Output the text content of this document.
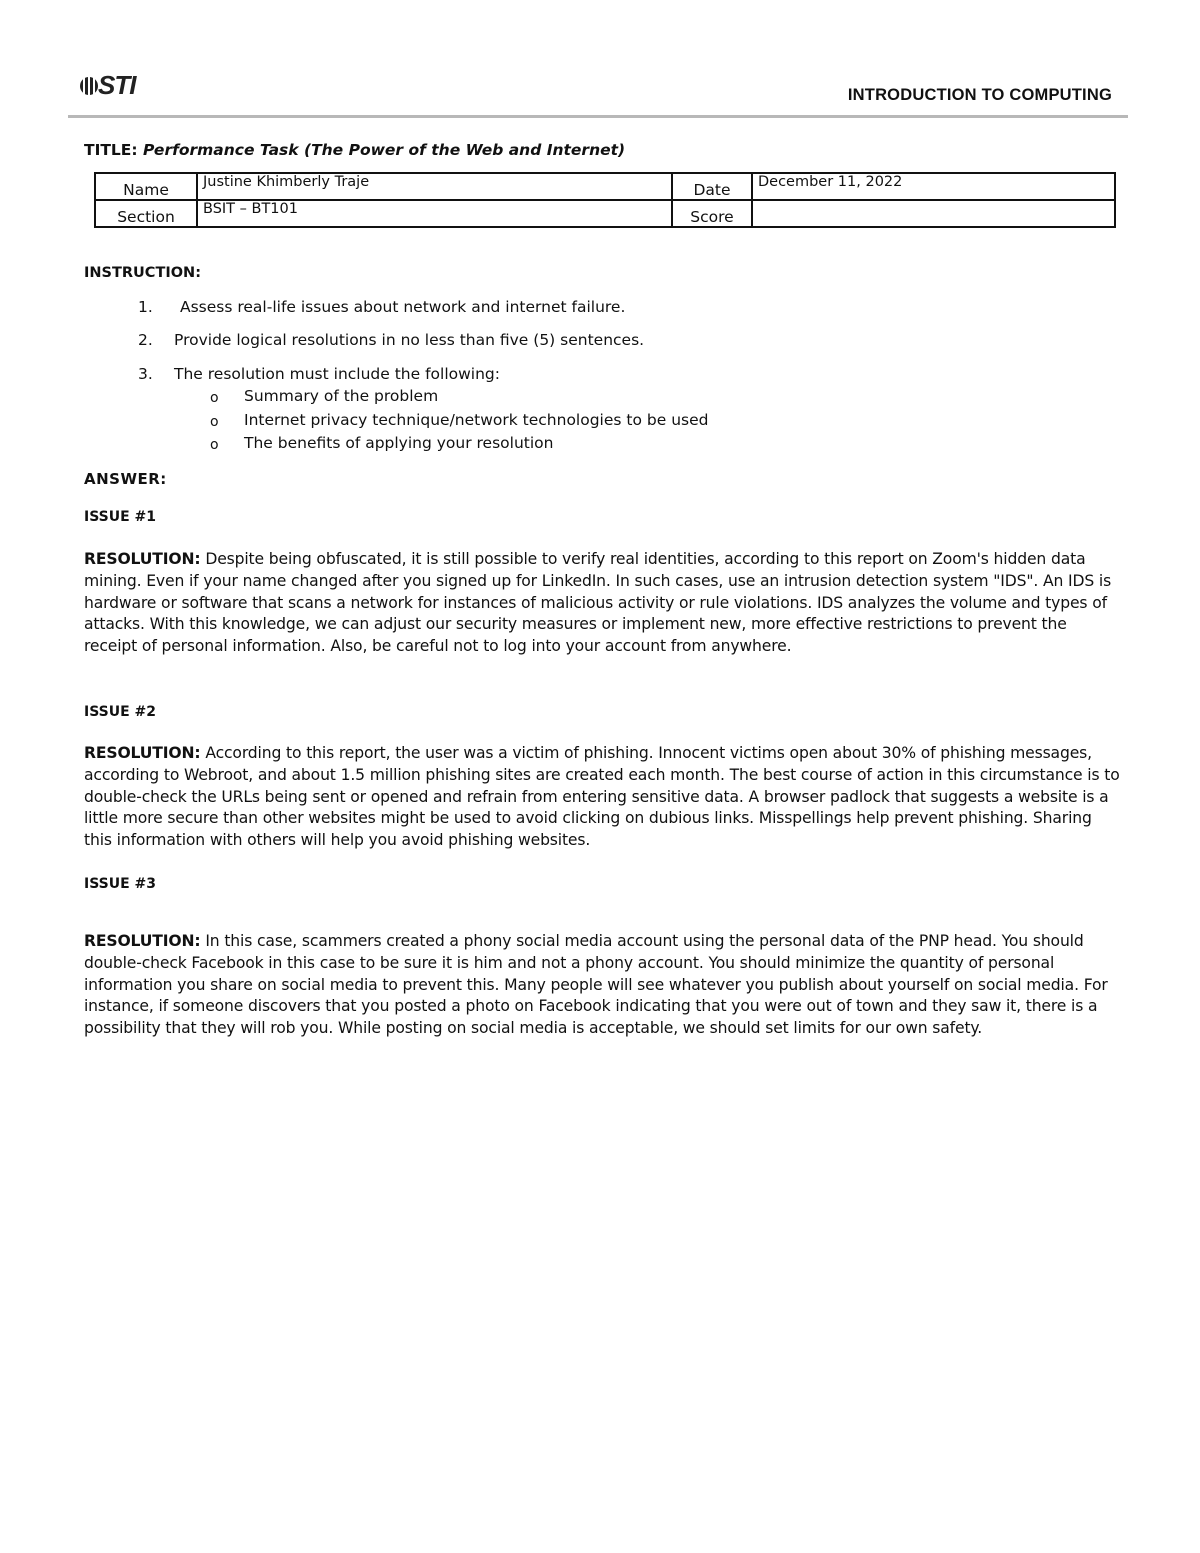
STI	INTRODUCTION TO COMPUTING
TITLE: Performance Task (The Power of the Web and Internet)
Name	Justine Khimberly Traje	Date	December 11, 2022
Section	BSIT – BT101	Score	
INSTRUCTION:
1. Assess real-life issues about network and internet failure.
2. Provide logical resolutions in no less than five (5) sentences.
3. The resolution must include the following:
o Summary of the problem
o Internet privacy technique/network technologies to be used
o The benefits of applying your resolution
ANSWER:
ISSUE #1
RESOLUTION: Despite being obfuscated, it is still possible to verify real identities, according to this report on Zoom's hidden data mining. Even if your name changed after you signed up for LinkedIn. In such cases, use an intrusion detection system "IDS". An IDS is hardware or software that scans a network for instances of malicious activity or rule violations. IDS analyzes the volume and types of attacks. With this knowledge, we can adjust our security measures or implement new, more effective restrictions to prevent the receipt of personal information. Also, be careful not to log into your account from anywhere.
ISSUE #2
RESOLUTION: According to this report, the user was a victim of phishing. Innocent victims open about 30% of phishing messages, according to Webroot, and about 1.5 million phishing sites are created each month. The best course of action in this circumstance is to double-check the URLs being sent or opened and refrain from entering sensitive data. A browser padlock that suggests a website is a little more secure than other websites might be used to avoid clicking on dubious links. Misspellings help prevent phishing. Sharing this information with others will help you avoid phishing websites.
ISSUE #3
RESOLUTION: In this case, scammers created a phony social media account using the personal data of the PNP head. You should double-check Facebook in this case to be sure it is him and not a phony account. You should minimize the quantity of personal information you share on social media to prevent this. Many people will see whatever you publish about yourself on social media. For instance, if someone discovers that you posted a photo on Facebook indicating that you were out of town and they saw it, there is a possibility that they will rob you. While posting on social media is acceptable, we should set limits for our own safety.
